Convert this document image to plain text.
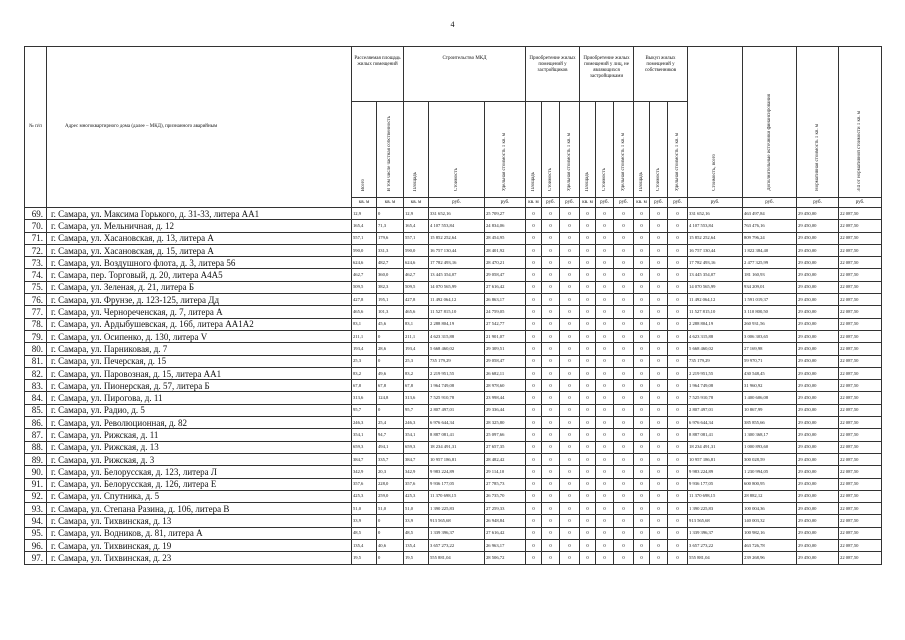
4
№ п/п	Адрес многоквартирного дома (далее – МКД), признанного аварийным	Расселяемая площадь жилых помещений		Строительство МКД			Приобретение жилых помещений у застройщиков			Приобретение жилых помещений у лиц, не являющихся застройщиками			Выкуп жилых помещений у собственников			Стоимость, всего	Дополнительные источники финансирования	Нормативная стоимость 1 кв. м	3/4 от нормативной стоимости 1 кв. м
		Всего	В том числе частная собственность	Площадь	Стоимость	Удельная стоимость 1 кв. м	Площадь	Стоимость	Удельная стоимость 1 кв. м	Площадь	Стоимость	Удельная стоимость 1 кв. м	Площадь	Стоимость	Удельная стоимость 1 кв. м				
		кв. м	кв. м	кв. м	руб.	руб.	кв. м	руб.	руб.	кв. м	руб.	руб.	кв. м	руб.	руб.	руб.	руб.	руб.	руб.
69.	г. Самара, ул. Максима Горького, д. 31-33, литера АА1	12,9	0	12,9	331 652,16	25 709,27	0	0	0	0	0	0	0	0	0	331 652,16	463 497,84	29 450,00	22 087,50
70.	г. Самара, ул. Мельничная, д. 12	165,4	71,3	165,4	4 107 553,84	24 834,06	0	0	0	0	0	0	0	0	0	4 107 553,84	763 476,16	29 450,00	22 087,50
71.	г. Самара, ул. Хасановская, д. 13, литера А	557,1	179,6	557,1	15 852 252,64	28 454,95	0	0	0	0	0	0	0	0	0	15 852 252,64	809 796,24	29 450,00	22 087,50
72.	г. Самара, ул. Хасановская, д. 15, литера А	590,0	331,3	590,0	16 757 130,44	28 401,92	0	0	0	0	0	0	0	0	0	16 757 130,44	1 822 384,40	29 450,00	22 087,50
73.	г. Самара, ул. Воздушного флота, д. 3, литера 56	624,6	482,7	624,6	17 782 493,16	28 470,21	0	0	0	0	0	0	0	0	0	17 782 493,16	2 477 325,99	29 450,00	22 087,50
74.	г. Самара, пер. Торговый, д. 20, литера А4А5	462,7	360,0	462,7	13 445 354,07	29 058,47	0	0	0	0	0	0	0	0	0	13 445 354,07	181 160,93	29 450,00	22 087,50
75.	г. Самара, ул. Зеленая, д. 21, литера Б	509,5	382,3	509,5	14 070 565,99	27 616,42	0	0	0	0	0	0	0	0	0	14 070 565,99	934 209,01	29 450,00	22 087,50
76.	г. Самара, ул. Фрунзе, д. 123-125, литера Дд	427,8	195,1	427,8	11 492 064,12	26 863,17	0	0	0	0	0	0	0	0	0	11 492 064,12	1 591 019,37	29 450,00	22 087,50
77.	г. Самара, ул. Чернореченская, д. 7, литера А	465,6	101,3	465,6	11 527 815,10	24 759,05	0	0	0	0	0	0	0	0	0	11 527 815,10	3 110 800,50	29 450,00	22 087,50
78.	г. Самара, ул. Ардыбушевская, д. 16б, литера АА1А2	83,1	45,6	83,1	2 288 804,19	27 542,77	0	0	0	0	0	0	0	0	0	2 288 804,19	260 931,56	29 450,00	22 087,50
79.	г. Самара, ул. Осипенко, д. 130, литера V	211,1	0	211,1	4 623 315,88	21 901,07	0	0	0	0	0	0	0	0	0	4 623 315,88	3 006 303,65	29 450,00	22 087,50
80.	г. Самара, ул. Парниковая, д. 7	193,4	28,6	193,4	5 668 460,02	29 309,51	0	0	0	0	0	0	0	0	0	5 668 460,02	27 169,98	29 450,00	22 087,50
81.	г. Самара, ул. Печерская, д. 15	25,3	0	25,3	735 179,29	29 058,47	0	0	0	0	0	0	0	0	0	735 179,29	59 970,71	29 450,00	22 087,50
82.	г. Самара, ул. Паровозная, д. 15, литера АА1	83,2	49,6	83,2	2 219 951,55	26 682,11	0	0	0	0	0	0	0	0	0	2 219 951,55	430 548,45	29 450,00	22 087,50
83.	г. Самара, ул. Пионерская, д. 57, литера Б	67,8	67,8	67,8	1 964 749,08	28 978,60	0	0	0	0	0	0	0	0	0	1 964 749,08	31 960,92	29 450,00	22 087,50
84.	г. Самара, ул. Пирогова, д. 11	313,6	124,8	313,6	7 525 910,78	23 998,44	0	0	0	0	0	0	0	0	0	7 525 910,78	1 400 606,08	29 450,00	22 087,50
85.	г. Самара, ул. Радио, д. 5	95,7	0	95,7	2 807 497,01	29 336,44	0	0	0	0	0	0	0	0	0	2 807 497,01	10 867,99	29 450,00	22 087,50
86.	г. Самара, ул. Революционная, д. 82	246,3	25,4	246,3	6 976 644,34	28 325,80	0	0	0	0	0	0	0	0	0	6 976 644,34	385 855,66	29 450,00	22 087,50
87.	г. Самара, ул. Рижская, д. 11	354,1	94,7	354,1	8 887 081,41	25 097,66	0	0	0	0	0	0	0	0	0	8 887 081,41	1 300 368,17	29 450,00	22 087,50
88.	г. Самара, ул. Рижская, д. 13	659,3	494,1	659,3	18 234 491,31	27 657,35	0	0	0	0	0	0	0	0	0	18 234 491,31	1 000 893,60	29 450,00	22 087,50
89.	г. Самара, ул. Рижская, д. 3	384,7	335,7	384,7	10 957 186,81	28 482,42	0	0	0	0	0	0	0	0	0	10 957 186,81	300 028,59	29 450,00	22 087,50
90.	г. Самара, ул. Белорусская, д. 123, литера Л	342,9	20,3	342,9	9 983 224,89	29 114,10	0	0	0	0	0	0	0	0	0	9 983 224,89	1 230 994,05	29 450,00	22 087,50
91.	г. Самара, ул. Белорусская, д. 126, литера Е	357,6	228,0	357,6	9 936 177,05	27 785,73	0	0	0	0	0	0	0	0	0	9 936 177,05	600 800,95	29 450,00	22 087,50
92.	г. Самара, ул. Спутника, д. 5	425,3	259,0	425,3	11 370 698,15	26 735,70	0	0	0	0	0	0	0	0	0	11 370 698,15	28 882,12	29 450,00	22 087,50
93.	г. Самара, ул. Степана Разина, д. 106, литера В	51,0	51,0	51,0	1 390 225,83	27 259,33	0	0	0	0	0	0	0	0	0	1 390 225,83	100 004,36	29 450,00	22 087,50
94.	г. Самара, ул. Тихвинская, д. 13	33,9	0	33,9	913 565,68	26 948,84	0	0	0	0	0	0	0	0	0	913 565,68	140 003,32	29 450,00	22 087,50
95.	г. Самара, ул. Водников, д. 81, литера А	48,5	0	48,5	1 339 396,37	27 616,42	0	0	0	0	0	0	0	0	0	1 339 396,37	100 982,16	29 450,00	22 087,50
96.	г. Самара, ул. Тихвинская, д. 19	135,4	40,6	135,4	3 657 273,22	26 963,17	0	0	0	0	0	0	0	0	0	3 657 273,22	463 726,78	29 450,00	22 087,50
97.	г. Самара, ул. Тихвинская, д. 23	19,5	0	19,5	555 881,04	28 506,72	0	0	0	0	0	0	0	0	0	555 881,04	239 268,96	29 450,00	22 087,50
